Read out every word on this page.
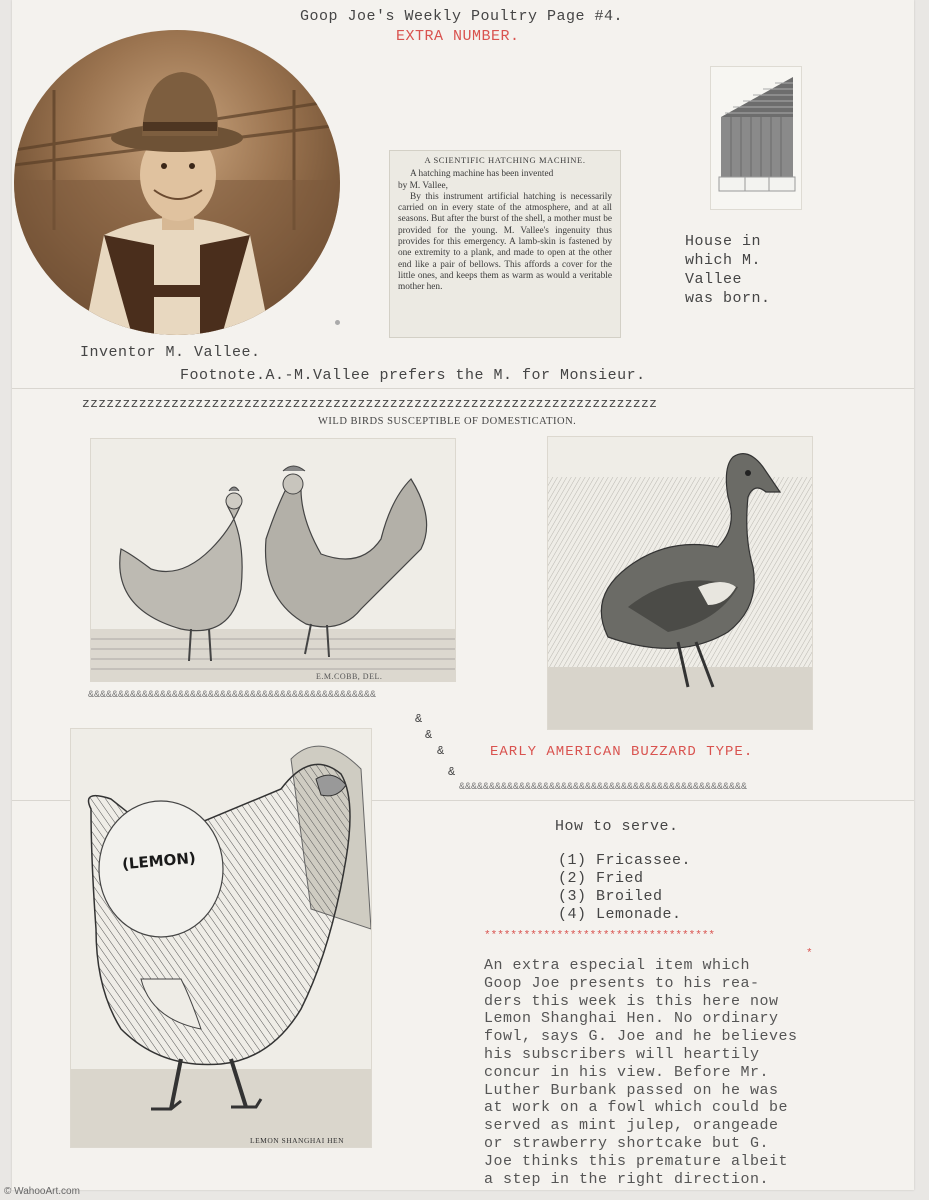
Goop Joe's Weekly Poultry Page #4.
EXTRA NUMBER.
Inventor M. Vallee.
A SCIENTIFIC HATCHING MACHINE.
A hatching machine has been invented
by M. Vallee,

By this instrument artificial hatching is necessarily carried on in every state of the atmosphere, and at all seasons. But after the burst of the shell, a mother must be provided for the young. M. Vallee's ingenuity thus provides for this emergency. A lamb-skin is fastened by one extremity to a plank, and made to open at the other end like a pair of bellows. This affords a cover for the little ones, and keeps them as warm as would a veritable mother hen.

House in
which M.
Vallee
was born.
Footnote.A.-M.Vallee prefers the M. for Monsieur.
zzzzzzzzzzzzzzzzzzzzzzzzzzzzzzzzzzzzzzzzzzzzzzzzzzzzzzzzzzzzzzzzzzzzzzz
WILD BIRDS SUSCEPTIBLE OF DOMESTICATION.
E.M.COBB, DEL.
&&&&&&&&&&&&&&&&&&&&&&&&&&&&&&&&&&&&&&&&&&&&&&&&
&
&
&
&
&&&&&&&&&&&&&&&&&&&&&&&&&&&&&&&&&&&&&&&&&&&&&&&&
EARLY AMERICAN BUZZARD TYPE.
(LEMON)
LEMON SHANGHAI HEN
How to serve.
(1) Fricassee.
(2) Fried
(3) Broiled
(4) Lemonade.
***********************************
*
An extra especial item which
Goop Joe presents to his rea-
ders this week is this here now
Lemon Shanghai Hen. No ordinary
fowl, says G. Joe and he believes
his subscribers will heartily
concur in his view. Before Mr.
Luther Burbank passed on he was
at work on a fowl which could be
served as mint julep, orangeade
or strawberry shortcake but G.
Joe thinks this premature albeit
a step in the right direction.
© WahooArt.com
